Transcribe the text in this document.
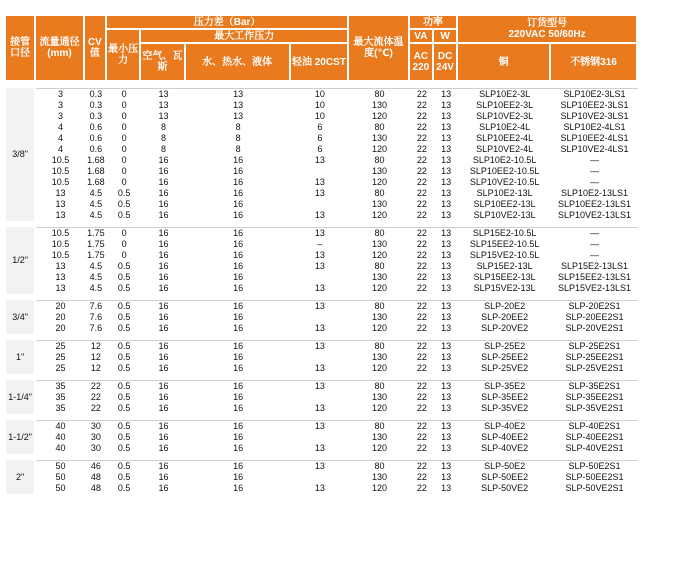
接管口径	流量通径 (mm)	CV值	压力差（Bar）				最大流体温度(℃)	功率		订货型号
220VAC 50/60Hz	
			最小压力	最大工作压力				VA	W		
				空气、瓦斯	水、热水、液体	轻油 20CST		AC 220	DC 24V	铜	不锈钢316

3/8"	3	0.3	0	13	13	10	80	22	13	SLP10E2-3L	SLP10E2-3LS1
	3	0.3	0	13	13	10	130	22	13	SLP10EE2-3L	SLP10EE2-3LS1
	3	0.3	0	13	13	10	120	22	13	SLP10VE2-3L	SLP10VE2-3LS1
	4	0.6	0	8	8	6	80	22	13	SLP10E2-4L	SLP10E2-4LS1
	4	0.6	0	8	8	6	130	22	13	SLP10EE2-4L	SLP10EE2-4LS1
	4	0.6	0	8	8	6	120	22	13	SLP10VE2-4L	SLP10VE2-4LS1
	10.5	1.68	0	16	16	13	80	22	13	SLP10E2-10.5L	—
	10.5	1.68	0	16	16		130	22	13	SLP10EE2-10.5L	—
	10.5	1.68	0	16	16	13	120	22	13	SLP10VE2-10.5L	—
	13	4.5	0.5	16	16	13	80	22	13	SLP10E2-13L	SLP10E2-13LS1
	13	4.5	0.5	16	16		130	22	13	SLP10EE2-13L	SLP10EE2-13LS1
	13	4.5	0.5	16	16	13	120	22	13	SLP10VE2-13L	SLP10VE2-13LS1

1/2"	10.5	1.75	0	16	16	13	80	22	13	SLP15E2-10.5L	—
	10.5	1.75	0	16	16	–	130	22	13	SLP15EE2-10.5L	—
	10.5	1.75	0	16	16	13	120	22	13	SLP15VE2-10.5L	—
	13	4.5	0.5	16	16	13	80	22	13	SLP15E2-13L	SLP15E2-13LS1
	13	4.5	0.5	16	16		130	22	13	SLP15EE2-13L	SLP15EE2-13LS1
	13	4.5	0.5	16	16	13	120	22	13	SLP15VE2-13L	SLP15VE2-13LS1

3/4"	20	7.6	0.5	16	16	13	80	22	13	SLP-20E2	SLP-20E2S1
	20	7.6	0.5	16	16		130	22	13	SLP-20EE2	SLP-20EE2S1
	20	7.6	0.5	16	16	13	120	22	13	SLP-20VE2	SLP-20VE2S1

1"	25	12	0.5	16	16	13	80	22	13	SLP-25E2	SLP-25E2S1
	25	12	0.5	16	16		130	22	13	SLP-25EE2	SLP-25EE2S1
	25	12	0.5	16	16	13	120	22	13	SLP-25VE2	SLP-25VE2S1

1-1/4"	35	22	0.5	16	16	13	80	22	13	SLP-35E2	SLP-35E2S1
	35	22	0.5	16	16		130	22	13	SLP-35EE2	SLP-35EE2S1
	35	22	0.5	16	16	13	120	22	13	SLP-35VE2	SLP-35VE2S1

1-1/2"	40	30	0.5	16	16	13	80	22	13	SLP-40E2	SLP-40E2S1
	40	30	0.5	16	16		130	22	13	SLP-40EE2	SLP-40EE2S1
	40	30	0.5	16	16	13	120	22	13	SLP-40VE2	SLP-40VE2S1

2"	50	46	0.5	16	16	13	80	22	13	SLP-50E2	SLP-50E2S1
	50	48	0.5	16	16		130	22	13	SLP-50EE2	SLP-50EE2S1
	50	48	0.5	16	16	13	120	22	13	SLP-50VE2	SLP-50VE2S1
